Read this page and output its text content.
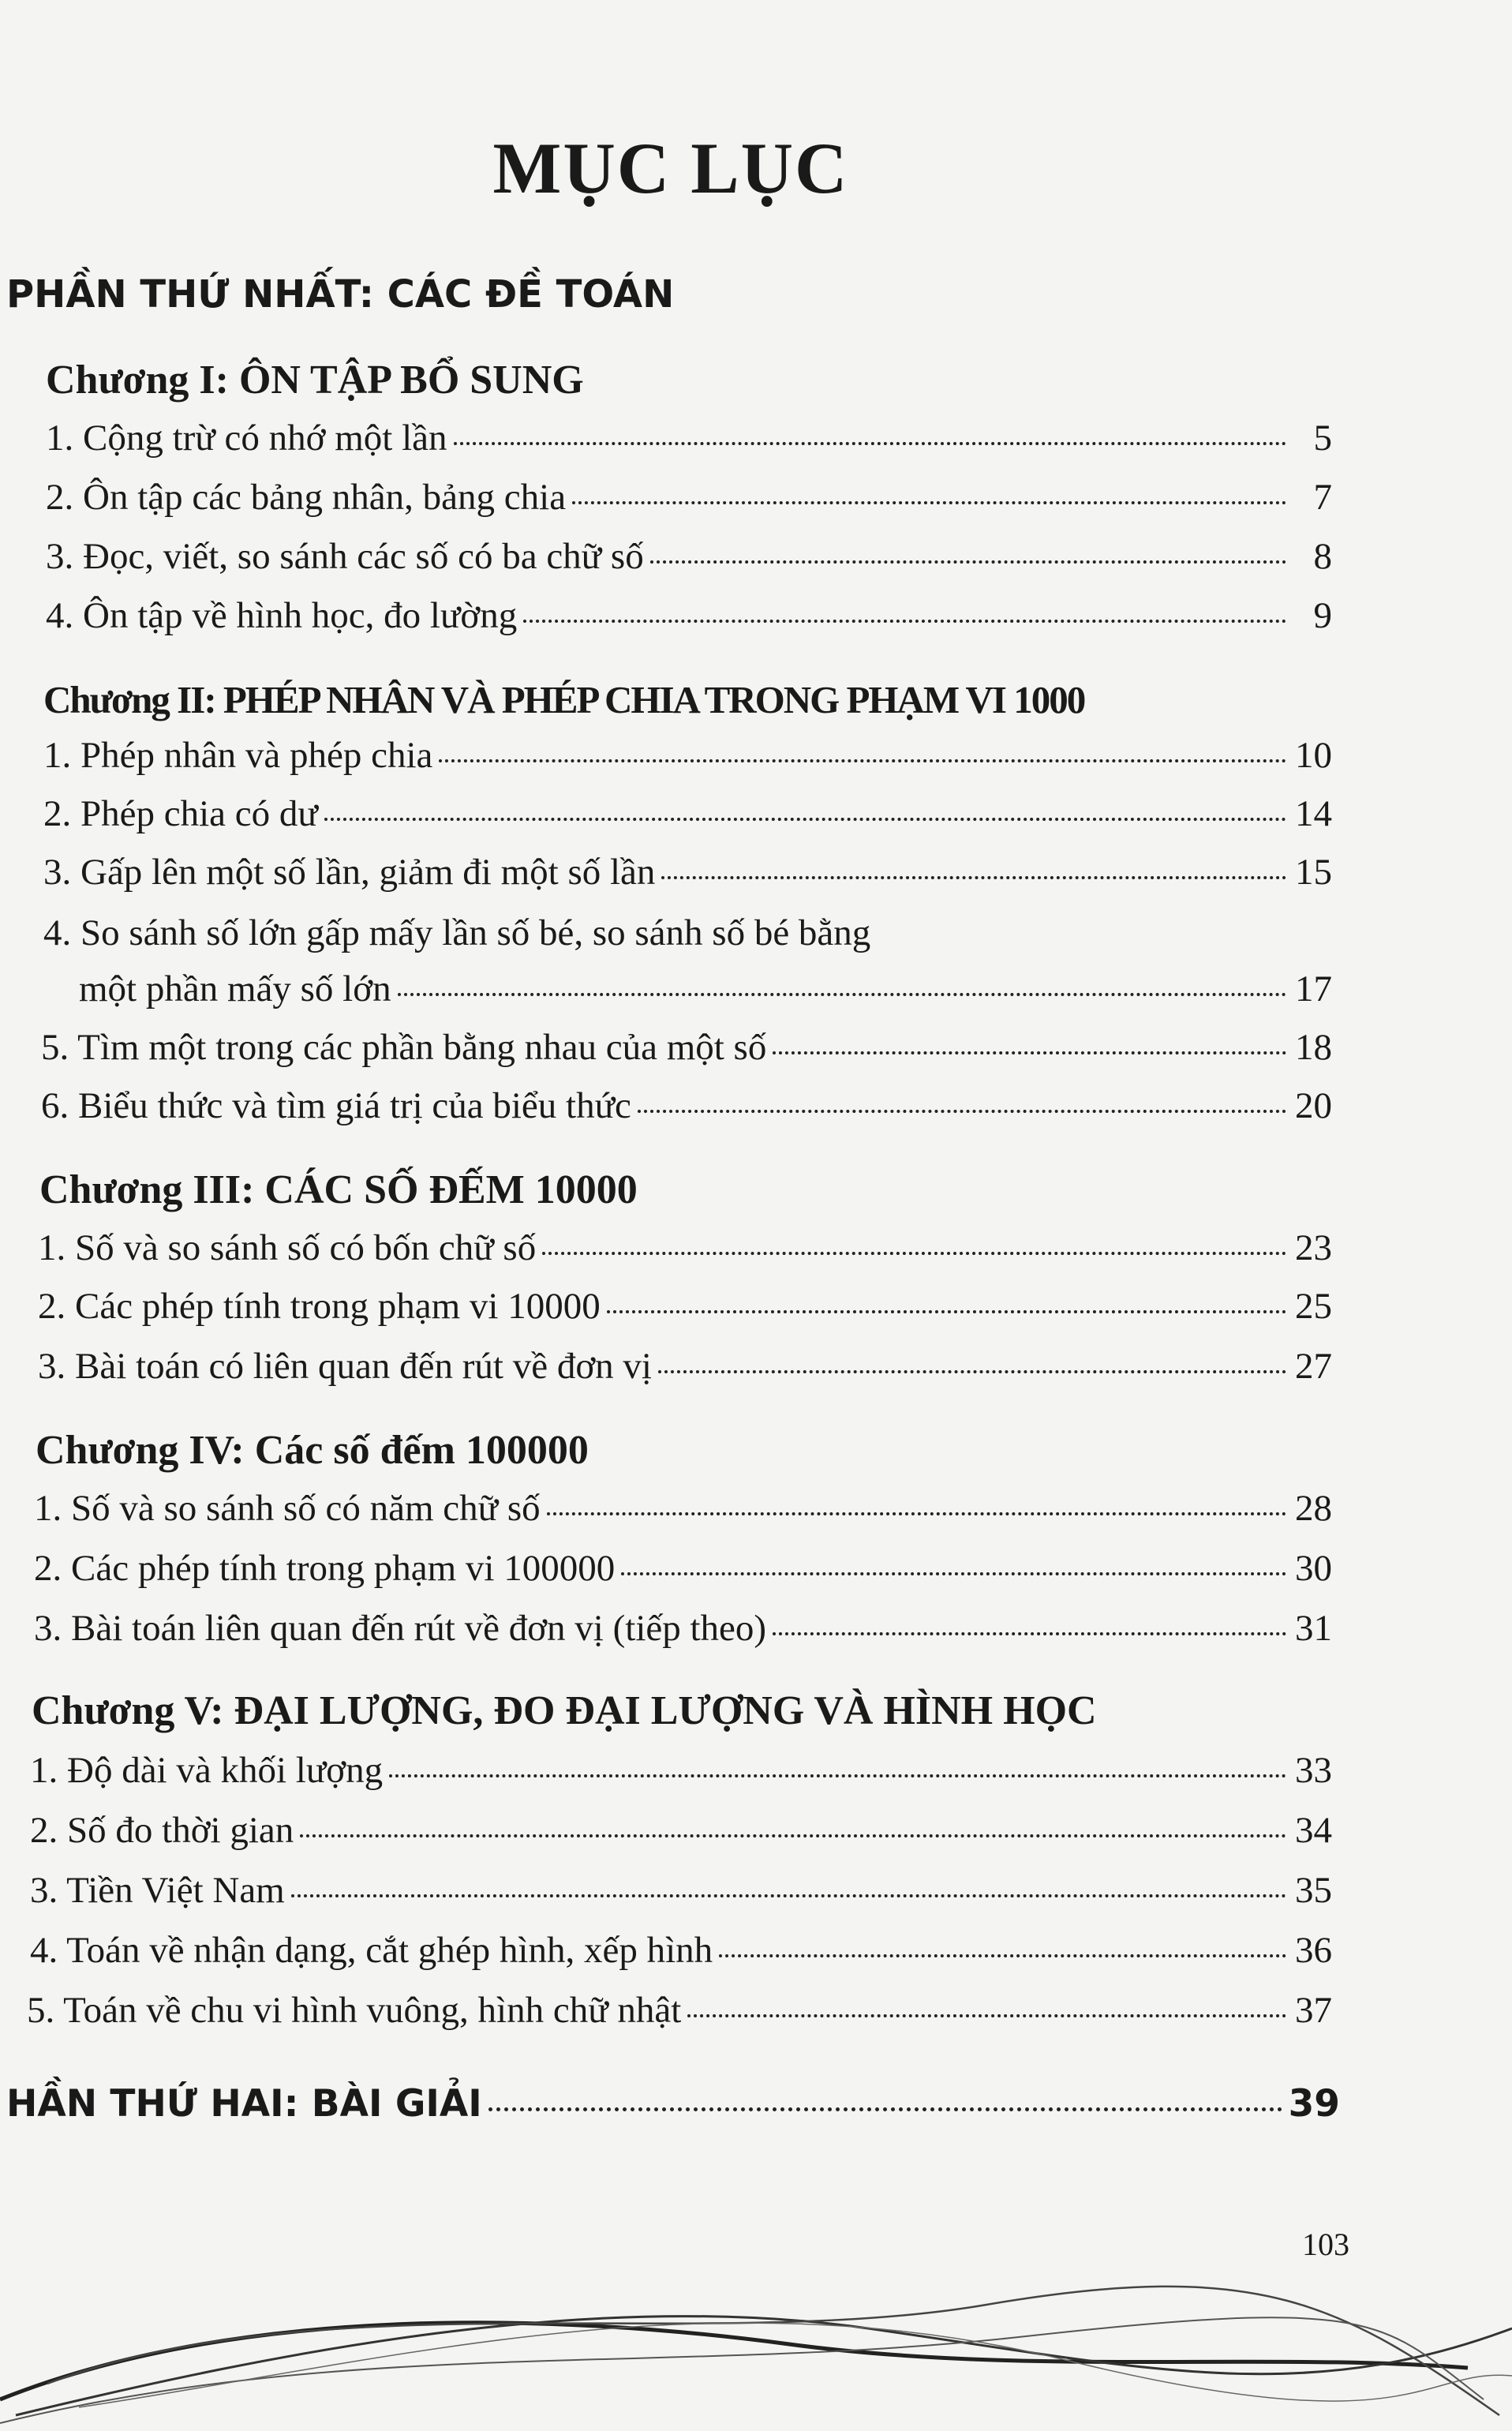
MỤC LỤC
PHẦN THỨ NHẤT: CÁC ĐỀ TOÁN
Chương I: ÔN TẬP BỔ SUNG
1. Cộng trừ có nhớ một lần	5
2. Ôn tập các bảng nhân, bảng chia	7
3. Đọc, viết, so sánh các số có ba chữ số	8
4. Ôn tập về hình học, đo lường	9
Chương II: PHÉP NHÂN VÀ PHÉP CHIA TRONG PHẠM VI 1000
1. Phép nhân và phép chia	10
2. Phép chia có dư	14
3. Gấp lên một số lần, giảm đi một số lần	15
4. So sánh số lớn gấp mấy lần số bé, so sánh số bé bằng
một phần mấy số lớn	17
5. Tìm một trong các phần bằng nhau của một số	18
6. Biểu thức và tìm giá trị của biểu thức	20
Chương III: CÁC SỐ ĐẾM 10000
1. Số và so sánh số có bốn chữ số	23
2. Các phép tính trong phạm vi 10000	25
3. Bài toán có liên quan đến rút về đơn vị	27
Chương IV: Các số đếm 100000
1. Số và so sánh số có năm chữ số	28
2. Các phép tính trong phạm vi 100000	30
3. Bài toán liên quan đến rút về đơn vị (tiếp theo)	31
Chương V: ĐẠI LƯỢNG, ĐO ĐẠI LƯỢNG VÀ HÌNH HỌC
1. Độ dài và khối lượng	33
2. Số đo thời gian	34
3. Tiền Việt Nam	35
4. Toán về nhận dạng, cắt ghép hình, xếp hình	36
5. Toán về chu vi hình vuông, hình chữ nhật	37
HẦN THỨ HAI: BÀI GIẢI	39
103
